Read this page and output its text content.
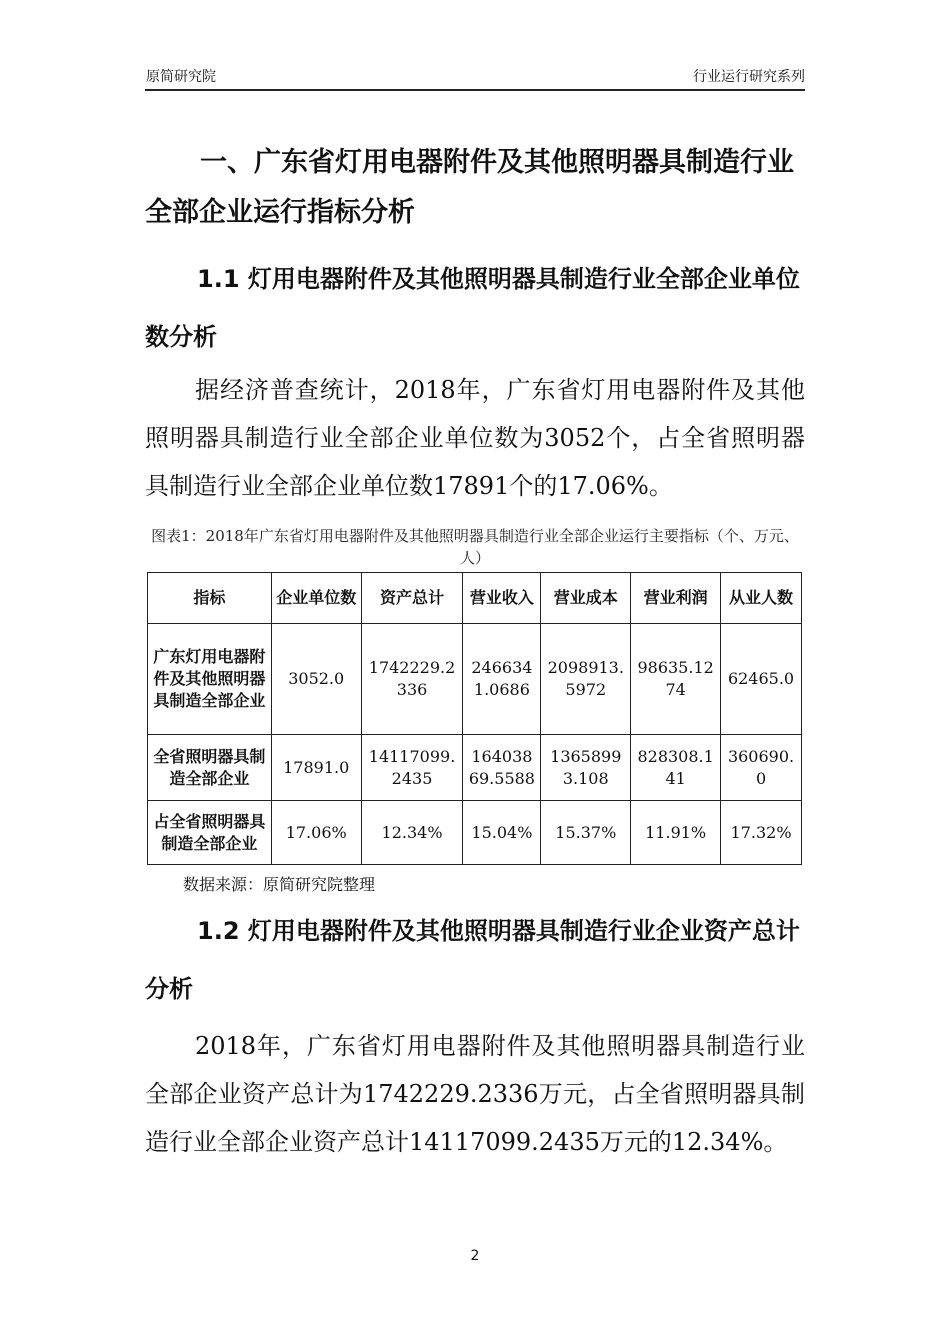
原简研究院	行业运行研究系列
一、广东省灯用电器附件及其他照明器具制造行业全部企业运行指标分析
1.1 灯用电器附件及其他照明器具制造行业全部企业单位数分析
据经济普查统计，2018年，广东省灯用电器附件及其他照明器具制造行业全部企业单位数为3052个，占全省照明器具制造行业全部企业单位数17891个的17.06%。
图表1：2018年广东省灯用电器附件及其他照明器具制造行业全部企业运行主要指标（个、万元、人）
指标	企业单位数	资产总计	营业收入	营业成本	营业利润	从业人数
广东灯用电器附件及其他照明器具制造全部企业	3052.0	1742229.2336	2466341.0686	2098913.5972	98635.1274	62465.0
全省照明器具制造全部企业	17891.0	14117099.2435	16403869.5588	13658993.108	828308.141	360690.0
占全省照明器具制造全部企业	17.06%	12.34%	15.04%	15.37%	11.91%	17.32%
数据来源：原简研究院整理
1.2 灯用电器附件及其他照明器具制造行业企业资产总计分析
2018年，广东省灯用电器附件及其他照明器具制造行业全部企业资产总计为1742229.2336万元，占全省照明器具制造行业全部企业资产总计14117099.2435万元的12.34%。
2
